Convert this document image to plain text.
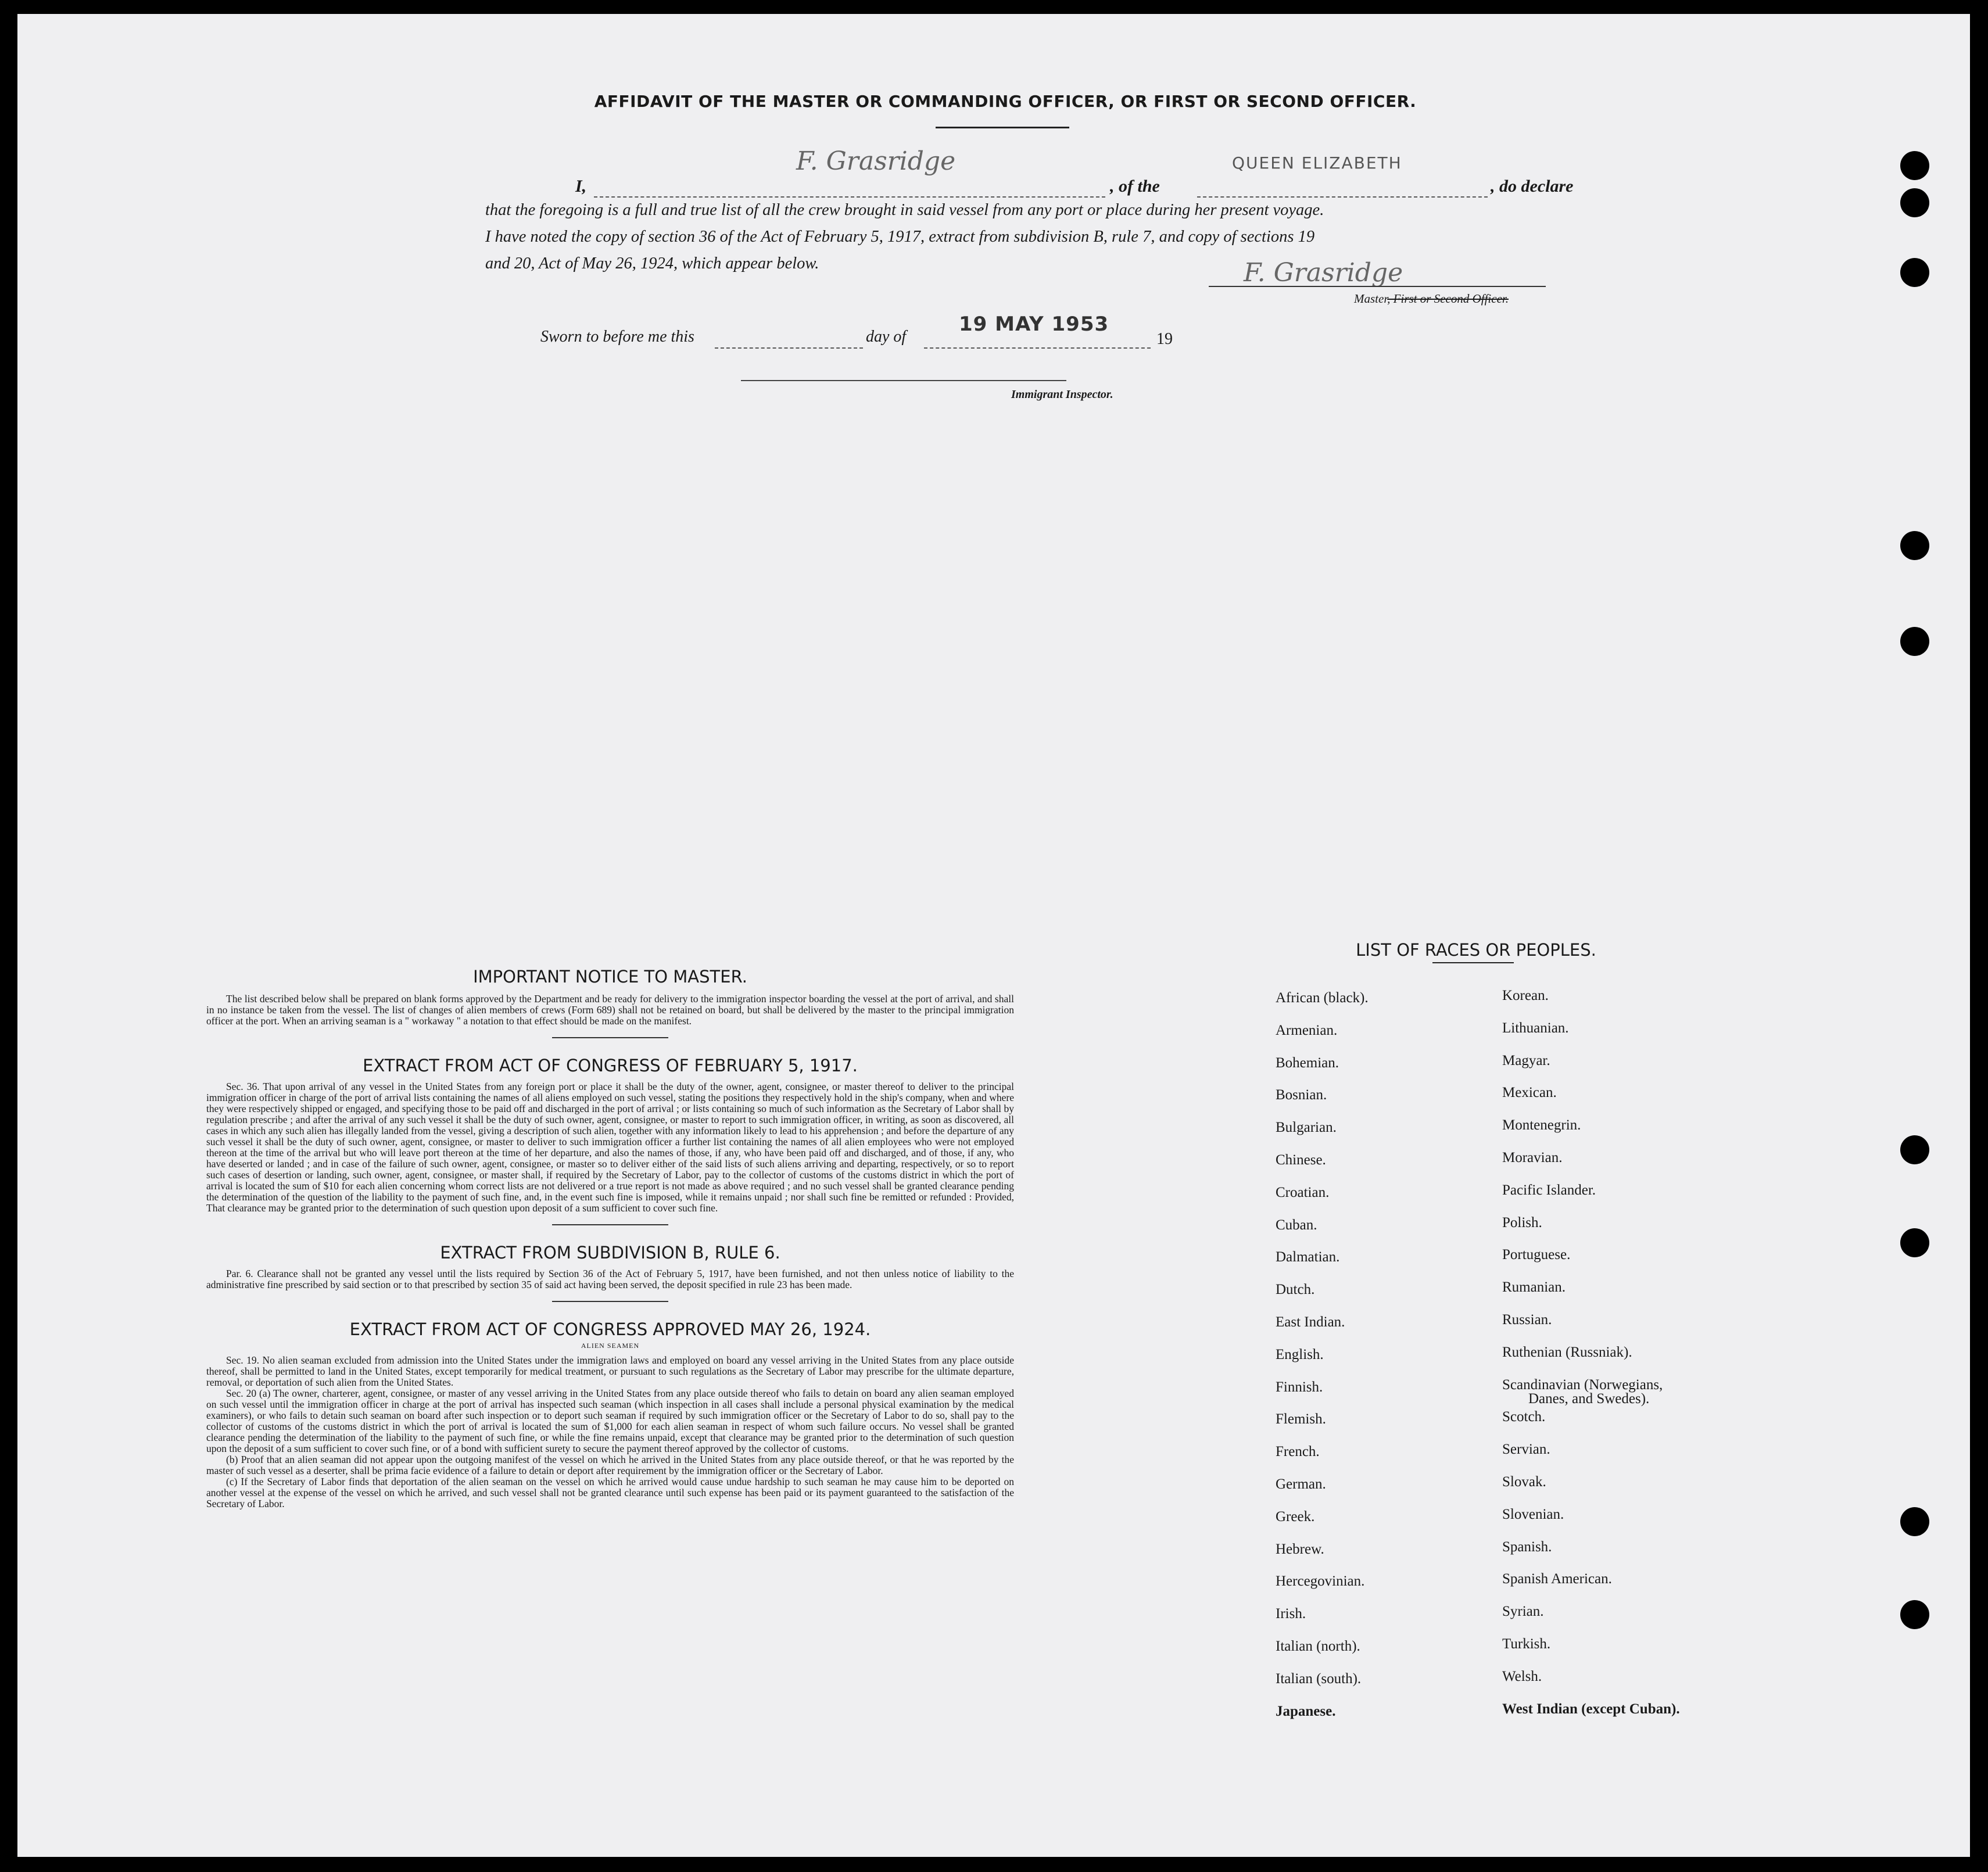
AFFIDAVIT OF THE MASTER OR COMMANDING OFFICER, OR FIRST OR SECOND OFFICER.
I,
F. Grasridge
, of the
QUEEN ELIZABETH
, do declare
that the foregoing is a full and true list of all the crew brought in said vessel from any port or place during her present voyage.
I have noted the copy of section 36 of the Act of February 5, 1917, extract from subdivision B, rule 7, and copy of sections 19
and 20, Act of May 26, 1924, which appear below.	F. Grasridge
Master, First or Second Officer.
Sworn to before me this	day of
19 MAY 1953
19
Immigrant Inspector.
IMPORTANT NOTICE TO MASTER.

The list described below shall be prepared on blank forms approved by the Department and be ready for delivery to the immigration inspector boarding the vessel at the port of arrival, and shall in no instance be taken from the vessel. The list of changes of alien members of crews (Form 689) shall not be retained on board, but shall be delivered by the master to the principal immigration officer at the port. When an arriving seaman is a " workaway " a notation to that effect should be made on the manifest.

EXTRACT FROM ACT OF CONGRESS OF FEBRUARY 5, 1917.

Sec. 36. That upon arrival of any vessel in the United States from any foreign port or place it shall be the duty of the owner, agent, consignee, or master thereof to deliver to the principal immigration officer in charge of the port of arrival lists containing the names of all aliens employed on such vessel, stating the positions they respectively hold in the ship's company, when and where they were respectively shipped or engaged, and specifying those to be paid off and discharged in the port of arrival ; or lists containing so much of such information as the Secretary of Labor shall by regulation prescribe ; and after the arrival of any such vessel it shall be the duty of such owner, agent, consignee, or master to report to such immigration officer, in writing, as soon as discovered, all cases in which any such alien has illegally landed from the vessel, giving a description of such alien, together with any information likely to lead to his apprehension ; and before the departure of any such vessel it shall be the duty of such owner, agent, consignee, or master to deliver to such immigration officer a further list containing the names of all alien employees who were not employed thereon at the time of the arrival but who will leave port thereon at the time of her departure, and also the names of those, if any, who have been paid off and discharged, and of those, if any, who have deserted or landed ; and in case of the failure of such owner, agent, consignee, or master so to deliver either of the said lists of such aliens arriving and departing, respectively, or so to report such cases of desertion or landing, such owner, agent, consignee, or master shall, if required by the Secretary of Labor, pay to the collector of customs of the customs district in which the port of arrival is located the sum of $10 for each alien concerning whom correct lists are not delivered or a true report is not made as above required ; and no such vessel shall be granted clearance pending the determination of the question of the liability to the payment of such fine, and, in the event such fine is imposed, while it remains unpaid ; nor shall such fine be remitted or refunded : Provided, That clearance may be granted prior to the determination of such question upon deposit of a sum sufficient to cover such fine.

EXTRACT FROM SUBDIVISION B, RULE 6.

Par. 6. Clearance shall not be granted any vessel until the lists required by Section 36 of the Act of February 5, 1917, have been furnished, and not then unless notice of liability to the administrative fine prescribed by said section or to that prescribed by section 35 of said act having been served, the deposit specified in rule 23 has been made.

EXTRACT FROM ACT OF CONGRESS APPROVED MAY 26, 1924.
ALIEN SEAMEN

Sec. 19. No alien seaman excluded from admission into the United States under the immigration laws and employed on board any vessel arriving in the United States from any place outside thereof, shall be permitted to land in the United States, except temporarily for medical treatment, or pursuant to such regulations as the Secretary of Labor may prescribe for the ultimate departure, removal, or deportation of such alien from the United States.

Sec. 20 (a) The owner, charterer, agent, consignee, or master of any vessel arriving in the United States from any place outside thereof who fails to detain on board any alien seaman employed on such vessel until the immigration officer in charge at the port of arrival has inspected such seaman (which inspection in all cases shall include a personal physical examination by the medical examiners), or who fails to detain such seaman on board after such inspection or to deport such seaman if required by such immigration officer or the Secretary of Labor to do so, shall pay to the collector of customs of the customs district in which the port of arrival is located the sum of $1,000 for each alien seaman in respect of whom such failure occurs. No vessel shall be granted clearance pending the determination of the liability to the payment of such fine, or while the fine remains unpaid, except that clearance may be granted prior to the determination of such question upon the deposit of a sum sufficient to cover such fine, or of a bond with sufficient surety to secure the payment thereof approved by the collector of customs.

(b) Proof that an alien seaman did not appear upon the outgoing manifest of the vessel on which he arrived in the United States from any place outside thereof, or that he was reported by the master of such vessel as a deserter, shall be prima facie evidence of a failure to detain or deport after requirement by the immigration officer or the Secretary of Labor.

(c) If the Secretary of Labor finds that deportation of the alien seaman on the vessel on which he arrived would cause undue hardship to such seaman he may cause him to be deported on another vessel at the expense of the vessel on which he arrived, and such vessel shall not be granted clearance until such expense has been paid or its payment guaranteed to the satisfaction of the Secretary of Labor.

LIST OF RACES OR PEOPLES.
African (black).
Armenian.
Bohemian.
Bosnian.
Bulgarian.
Chinese.
Croatian.
Cuban.
Dalmatian.
Dutch.
East Indian.
English.
Finnish.
Flemish.
French.
German.
Greek.
Hebrew.
Hercegovinian.
Irish.
Italian (north).
Italian (south).
Japanese.
Korean.
Lithuanian.
Magyar.
Mexican.
Montenegrin.
Moravian.
Pacific Islander.
Polish.
Portuguese.
Rumanian.
Russian.
Ruthenian (Russniak).
Scandinavian (Norwegians,
Scotch.
Servian.
Slovak.
Slovenian.
Spanish.
Spanish American.
Syrian.
Turkish.
Welsh.
West Indian (except Cuban).
Danes, and Swedes).
